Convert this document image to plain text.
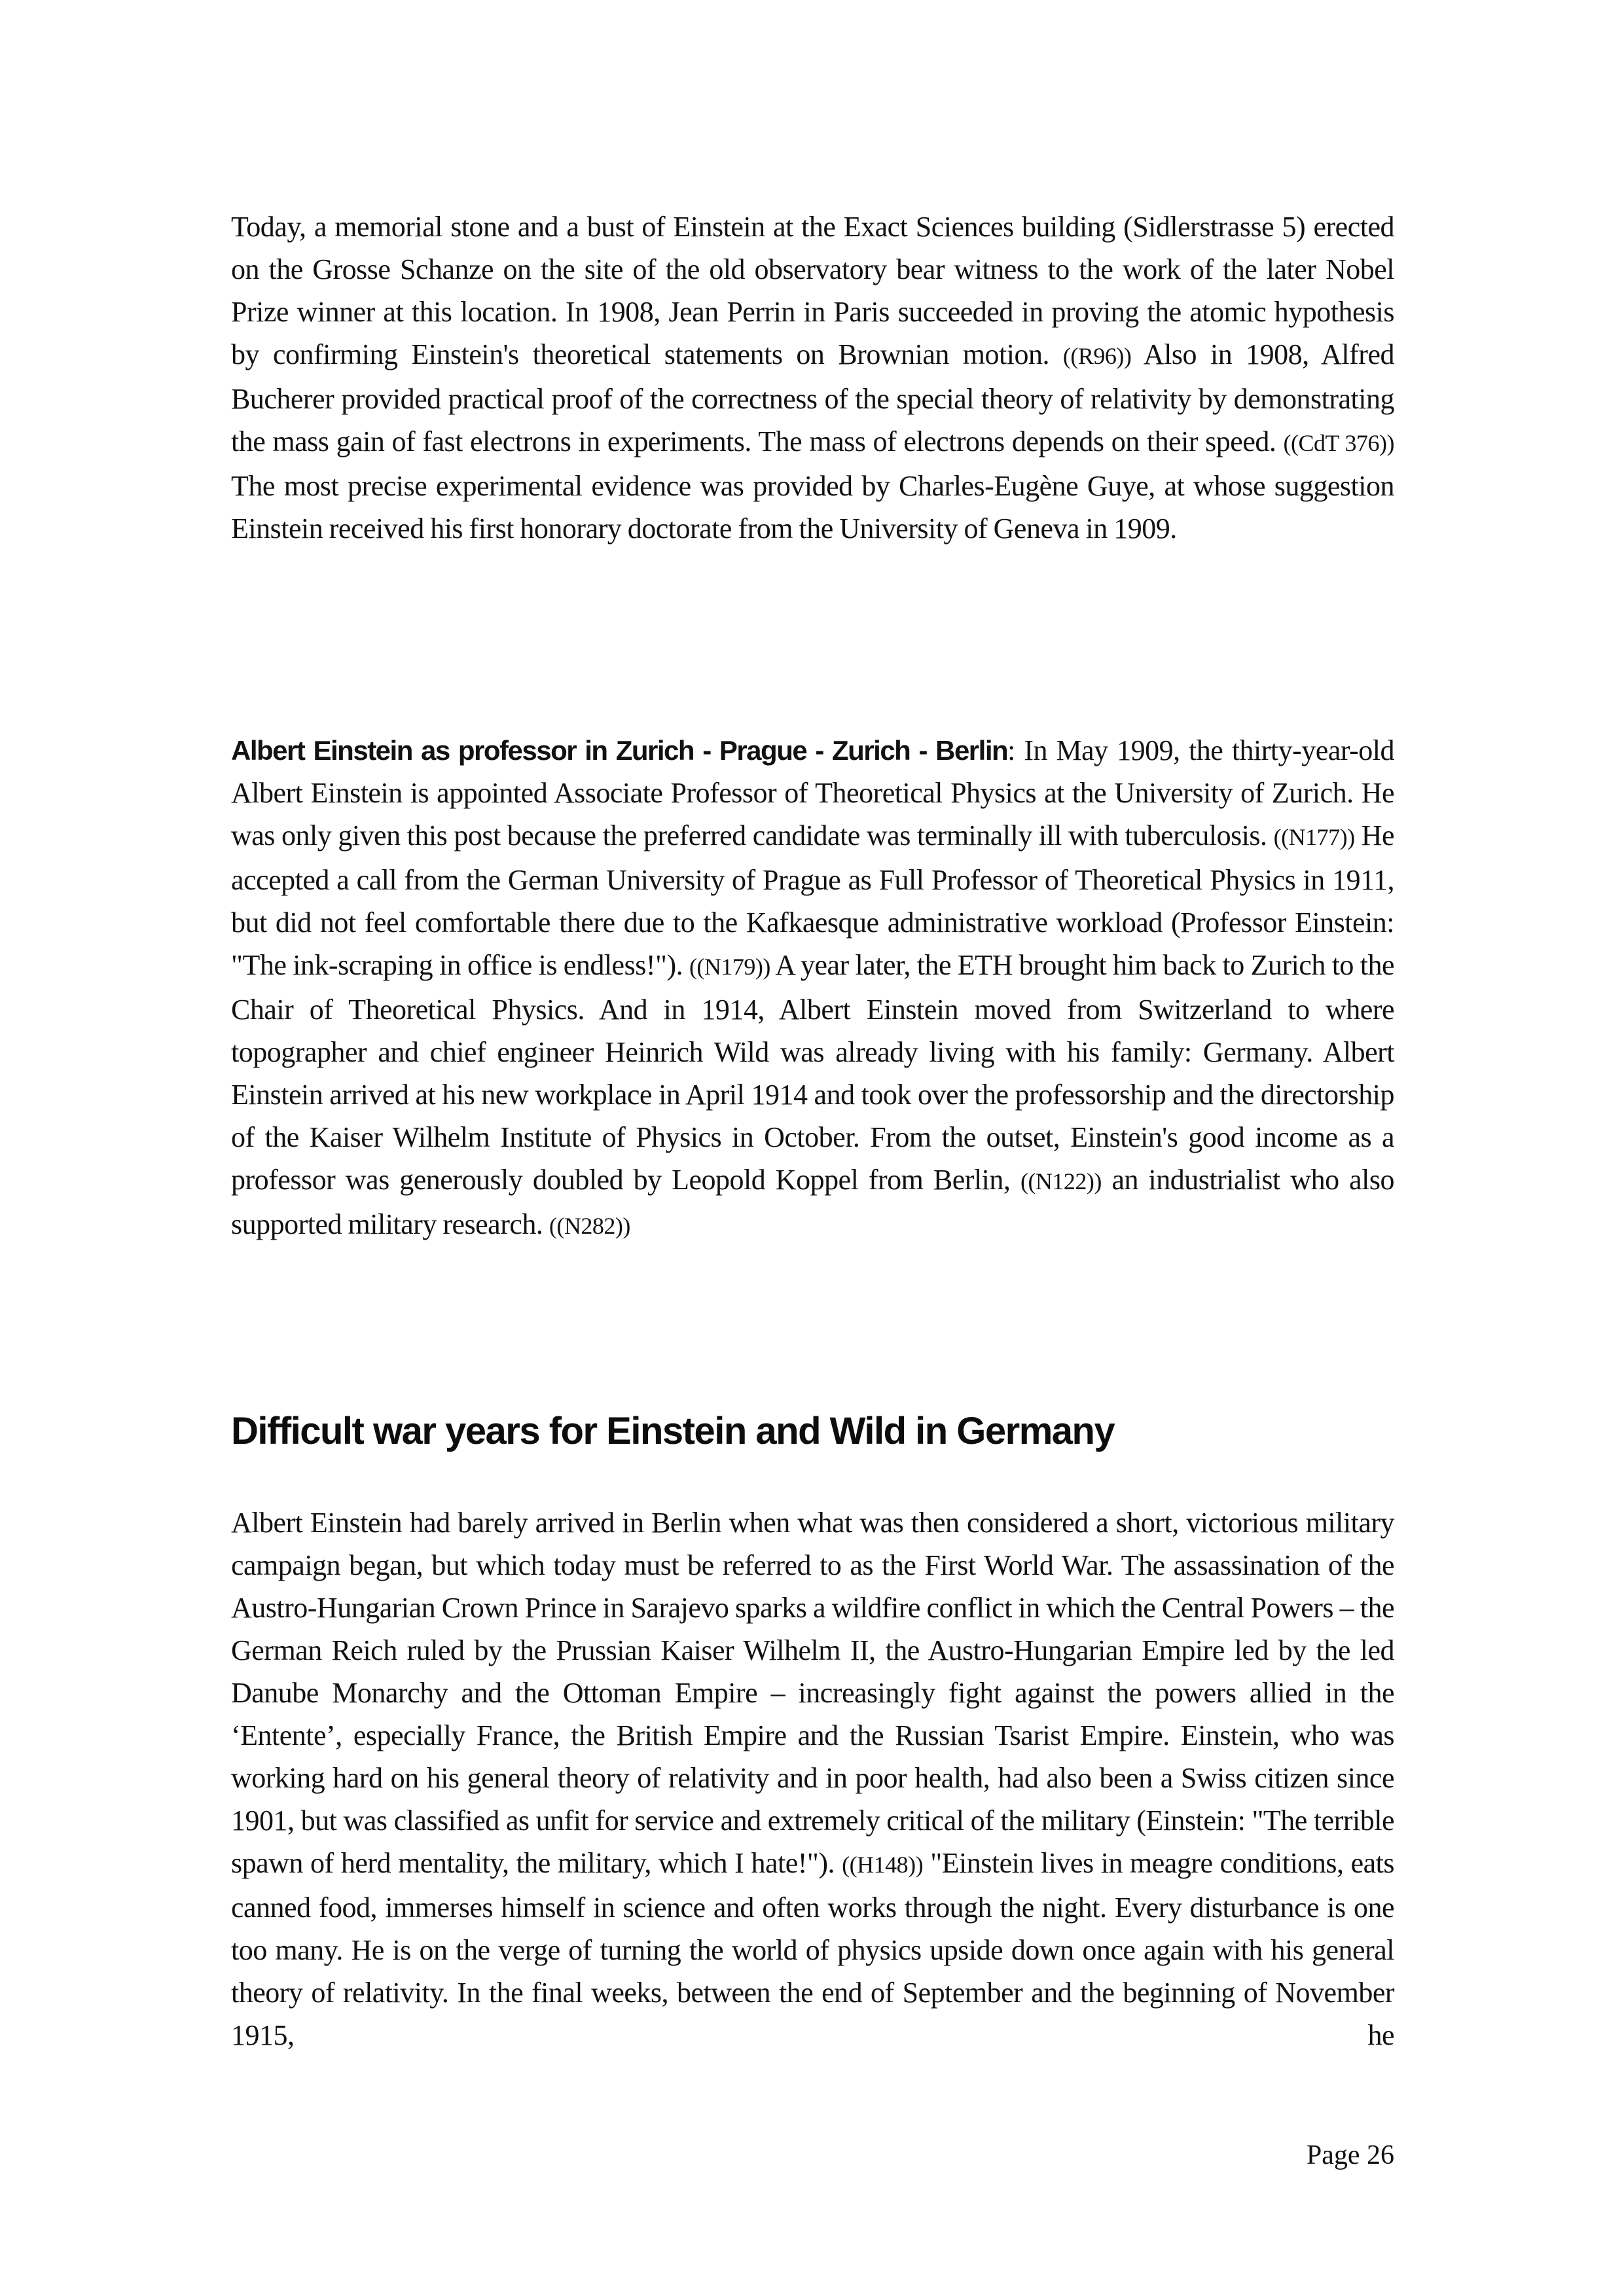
Today, a memorial stone and a bust of Einstein at the Exact Sciences building (Sidlerstrasse 5) erected on the Grosse Schanze on the site of the old observatory bear witness to the work of the later Nobel Prize winner at this location. In 1908, Jean Perrin in Paris succeeded in proving the atomic hypothesis by confirming Einstein's theoretical statements on Brownian motion. ((R96)) Also in 1908, Alfred Bucherer provided practical proof of the correctness of the special theory of relativity by demonstrating the mass gain of fast electrons in experiments. The mass of electrons depends on their speed. ((CdT 376)) The most precise experimental evidence was provided by Charles-Eugène Guye, at whose suggestion Einstein received his first honorary doctorate from the University of Geneva in 1909.

Albert Einstein as professor in Zurich - Prague - Zurich - Berlin: In May 1909, the thirty-year-old Albert Einstein is appointed Associate Professor of Theoretical Physics at the University of Zurich. He was only given this post because the preferred candidate was terminally ill with tuberculosis. ((N177)) He accepted a call from the German University of Prague as Full Professor of Theoretical Physics in 1911, but did not feel comfortable there due to the Kafkaesque administrative workload (Professor Einstein: "The ink-scraping in office is endless!"). ((N179)) A year later, the ETH brought him back to Zurich to the Chair of Theoretical Physics. And in 1914, Albert Einstein moved from Switzerland to where topographer and chief engineer Heinrich Wild was already living with his family: Germany. Albert Einstein arrived at his new workplace in April 1914 and took over the professorship and the directorship of the Kaiser Wilhelm Institute of Physics in October. From the outset, Einstein's good income as a professor was generously doubled by Leopold Koppel from Berlin, ((N122)) an industrialist who also supported military research. ((N282))

Difficult war years for Einstein and Wild in Germany

Albert Einstein had barely arrived in Berlin when what was then considered a short, victorious military campaign began, but which today must be referred to as the First World War. The assassination of the Austro-Hungarian Crown Prince in Sarajevo sparks a wildfire conflict in which the Central Powers – the German Reich ruled by the Prussian Kaiser Wilhelm II, the Austro-Hungarian Empire led by the led Danube Monarchy and the Ottoman Empire – increasingly fight against the powers allied in the ‘Entente’, especially France, the British Empire and the Russian Tsarist Empire. Einstein, who was working hard on his general theory of relativity and in poor health, had also been a Swiss citizen since 1901, but was classified as unfit for service and extremely critical of the military (Einstein: "The terrible spawn of herd mentality, the military, which I hate!"). ((H148)) "Einstein lives in meagre conditions, eats canned food, immerses himself in science and often works through the night. Every disturbance is one too many. He is on the verge of turning the world of physics upside down once again with his general theory of relativity. In the final weeks, between the end of September and the beginning of November 1915, he

Page 26
